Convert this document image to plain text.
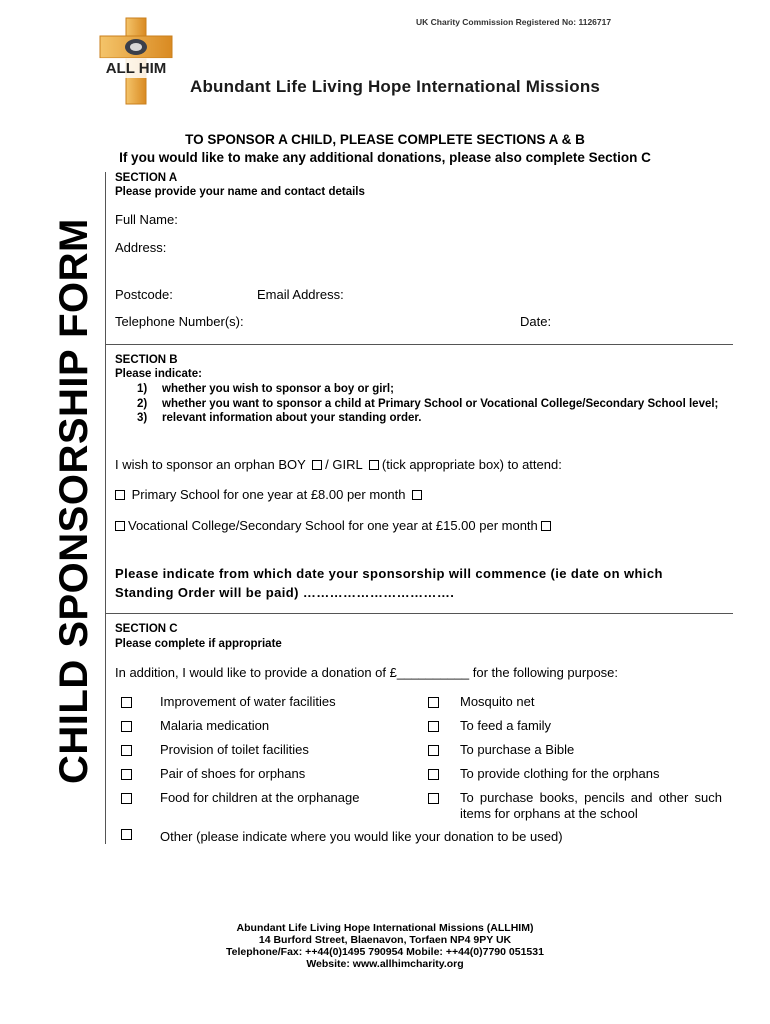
ALL HIM
UK Charity Commission Registered No: 1126717
Abundant Life Living Hope International Missions
TO SPONSOR A CHILD, PLEASE COMPLETE SECTIONS A & B
If you would like to make any additional donations, please also complete Section C
CHILD SPONSORSHIP FORM
SECTION A
Please provide your name and contact details
Full Name:
Address:
Postcode:	Email Address:
Telephone Number(s):	Date:
SECTION B
Please indicate:
1) whether you wish to sponsor a boy or girl;
2) whether you want to sponsor a child at Primary School or Vocational College/Secondary School level;
3) relevant information about your standing order.
I wish to sponsor an orphan BOY / GIRL (tick appropriate box) to attend:
Primary School for one year at £8.00 per month
Vocational College/Secondary School for one year at £15.00 per month
Please indicate from which date your sponsorship will commence (ie date on which
Standing Order will be paid) …………………………….
SECTION C
Please complete if appropriate
In addition, I would like to provide a donation of £__________ for the following purpose:
Improvement of water facilities
Malaria medication
Provision of toilet facilities
Pair of shoes for orphans
Food for children at the orphanage
Mosquito net
To feed a family
To purchase a Bible
To provide clothing for the orphans
To purchase books, pencils and other such items for orphans at the school
Other (please indicate where you would like your donation to be used)
Abundant Life Living Hope International Missions (ALLHIM)
14 Burford Street, Blaenavon, Torfaen NP4 9PY UK
Telephone/Fax: ++44(0)1495 790954 Mobile: ++44(0)7790 051531
Website: www.allhimcharity.org
